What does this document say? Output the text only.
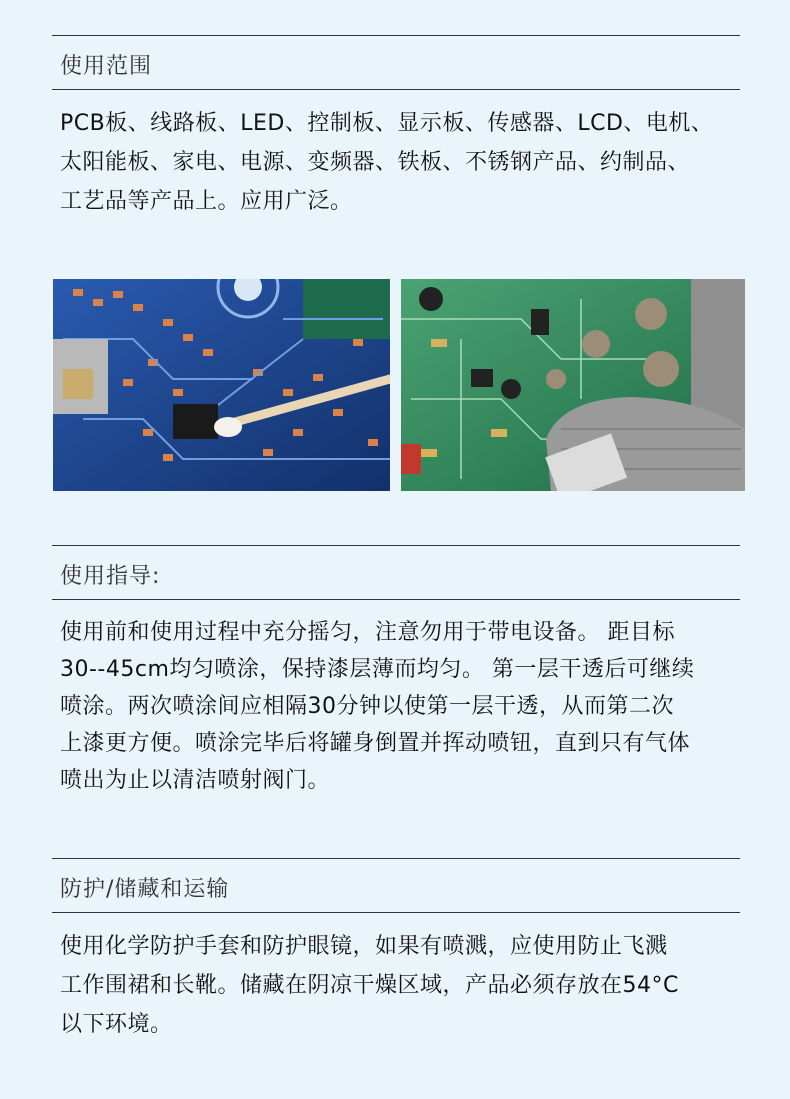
使用范围

PCB板、线路板、LED、控制板、显示板、传感器、LCD、电机、

太阳能板、家电、电源、变频器、铁板、不锈钢产品、约制品、

工艺品等产品上。应用广泛。

使用指导:

使用前和使用过程中充分摇匀，注意勿用于带电设备。 距目标

30--45cm均匀喷涂，保持漆层薄而均匀。 第一层干透后可继续

喷涂。两次喷涂间应相隔30分钟以使第一层干透，从而第二次

上漆更方便。喷涂完毕后将罐身倒置并挥动喷钮，直到只有气体

喷出为止以清洁喷射阀门。

防护/储藏和运输

使用化学防护手套和防护眼镜，如果有喷溅，应使用防止飞溅

工作围裙和长靴。储藏在阴凉干燥区域，产品必须存放在54°C

以下环境。
